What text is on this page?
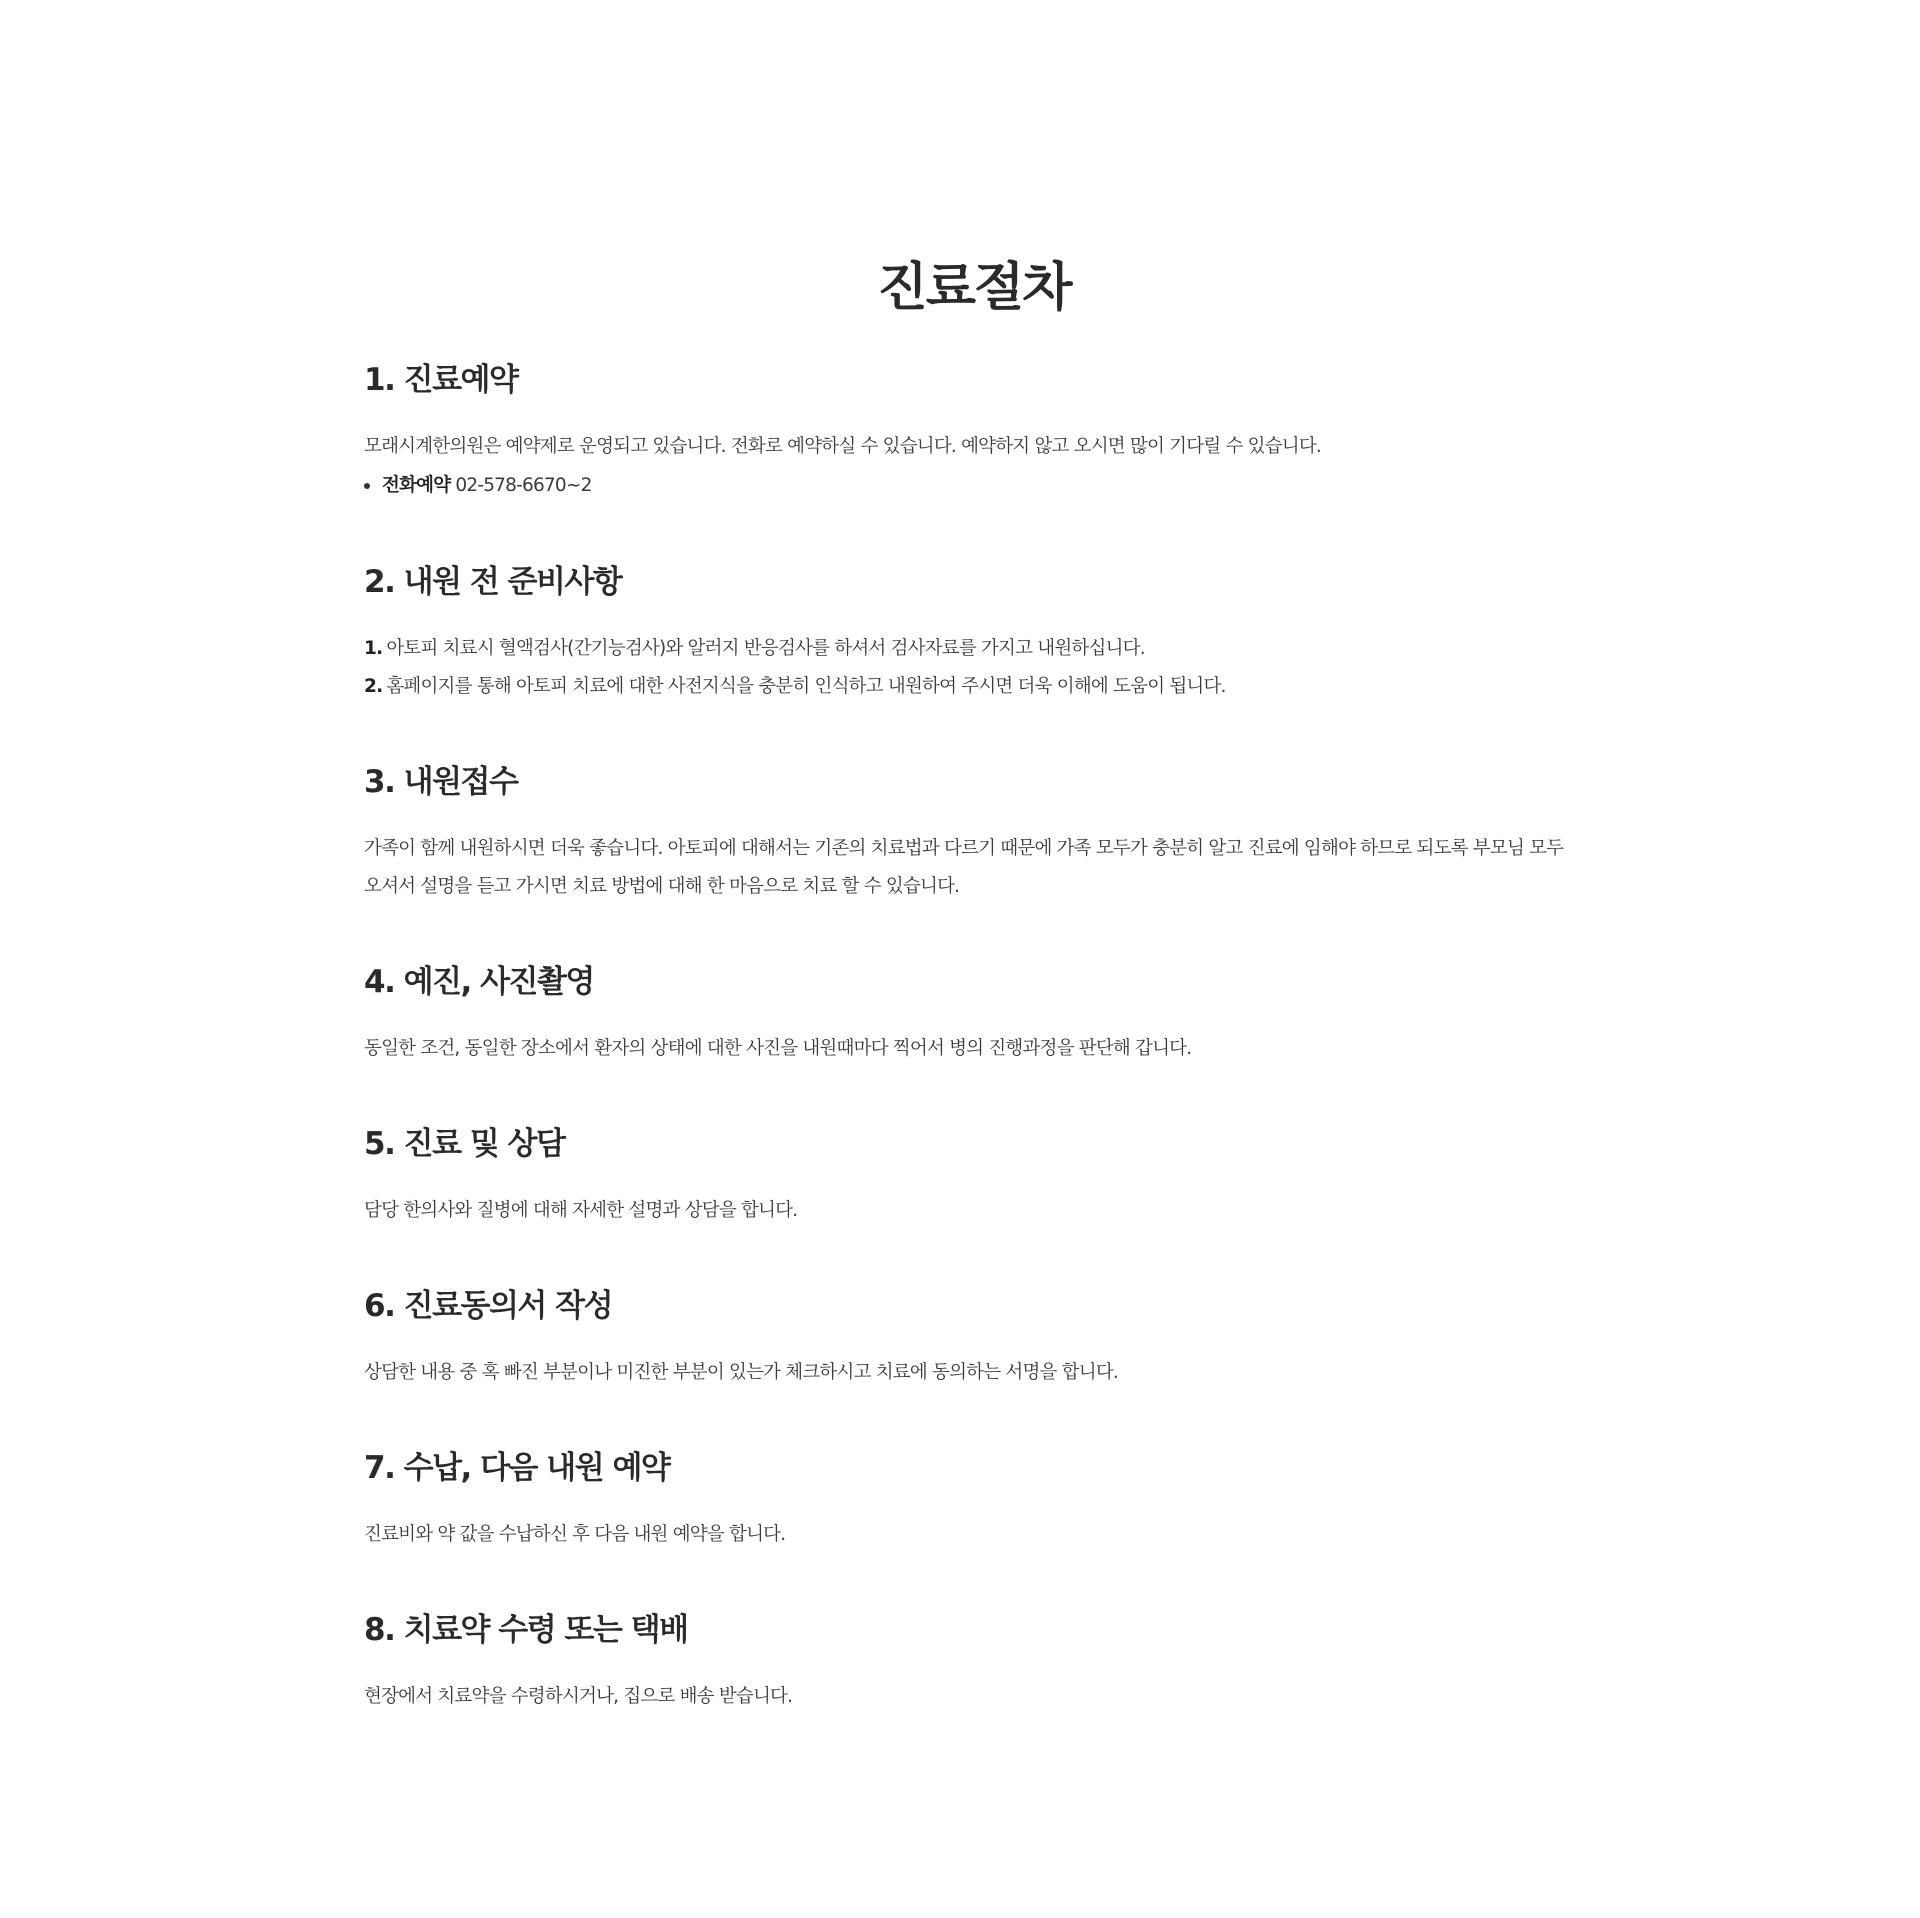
진료절차
1. 진료예약

모래시계한의원은 예약제로 운영되고 있습니다. 전화로 예약하실 수 있습니다. 예약하지 않고 오시면 많이 기다릴 수 있습니다.

전화예약 02-578-6670~2
2. 내원 전 준비사항
1. 아토피 치료시 혈액검사(간기능검사)와 알러지 반응검사를 하셔서 검사자료를 가지고 내원하십니다.
2. 홈페이지를 통해 아토피 치료에 대한 사전지식을 충분히 인식하고 내원하여 주시면 더욱 이해에 도움이 됩니다.
3. 내원접수

가족이 함께 내원하시면 더욱 좋습니다. 아토피에 대해서는 기존의 치료법과 다르기 때문에 가족 모두가 충분히 알고 진료에 임해야 하므로 되도록 부모님 모두 오셔서 설명을 듣고 가시면 치료 방법에 대해 한 마음으로 치료 할 수 있습니다.

4. 예진, 사진촬영

동일한 조건, 동일한 장소에서 환자의 상태에 대한 사진을 내원때마다 찍어서 병의 진행과정을 판단해 갑니다.

5. 진료 및 상담

담당 한의사와 질병에 대해 자세한 설명과 상담을 합니다.

6. 진료동의서 작성

상담한 내용 중 혹 빠진 부분이나 미진한 부분이 있는가 체크하시고 치료에 동의하는 서명을 합니다.

7. 수납, 다음 내원 예약

진료비와 약 값을 수납하신 후 다음 내원 예약을 합니다.

8. 치료약 수령 또는 택배

현장에서 치료약을 수령하시거나, 집으로 배송 받습니다.
